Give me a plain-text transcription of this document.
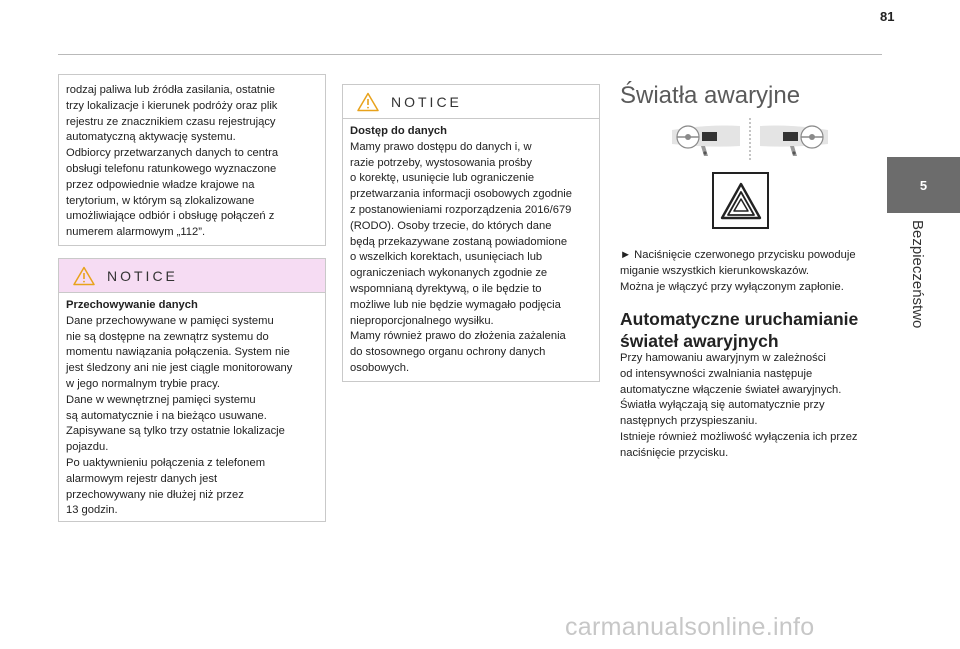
81
5
Bezpieczeństwo
rodzaj paliwa lub źródła zasilania, ostatnie
trzy lokalizacje i kierunek podróży oraz plik
rejestru ze znacznikiem czasu rejestrujący
automatyczną aktywację systemu.
Odbiorcy przetwarzanych danych to centra
obsługi telefonu ratunkowego wyznaczone
przez odpowiednie władze krajowe na
terytorium, w którym są zlokalizowane
umożliwiające odbiór i obsługę połączeń z
numerem alarmowym „112”.
NOTICE
Przechowywanie danych
Dane przechowywane w pamięci systemu
nie są dostępne na zewnątrz systemu do
momentu nawiązania połączenia. System nie
jest śledzony ani nie jest ciągle monitorowany
w jego normalnym trybie pracy.
Dane w wewnętrznej pamięci systemu
są automatycznie i na bieżąco usuwane.
Zapisywane są tylko trzy ostatnie lokalizacje
pojazdu.
Po uaktywnieniu połączenia z telefonem
alarmowym rejestr danych jest
przechowywany nie dłużej niż przez
13 godzin.
NOTICE
Dostęp do danych
Mamy prawo dostępu do danych i, w
razie potrzeby, wystosowania prośby
o korektę, usunięcie lub ograniczenie
przetwarzania informacji osobowych zgodnie
z postanowieniami rozporządzenia 2016/679
(RODO). Osoby trzecie, do których dane
będą przekazywane zostaną powiadomione
o wszelkich korektach, usunięciach lub
ograniczeniach wykonanych zgodnie ze
wspomnianą dyrektywą, o ile będzie to
możliwe lub nie będzie wymagało podjęcia
nieproporcjonalnego wysiłku.
Mamy również prawo do złożenia zażalenia
do stosownego organu ochrony danych
osobowych.
Światła awaryjne
► Naciśnięcie czerwonego przycisku powoduje
miganie wszystkich kierunkowskazów.
Można je włączyć przy wyłączonym zapłonie.
Automatyczne uruchamianie
świateł awaryjnych
Przy hamowaniu awaryjnym w zależności
od intensywności zwalniania następuje
automatyczne włączenie świateł awaryjnych.
Światła wyłączają się automatycznie przy
następnych przyspieszaniu.
Istnieje również możliwość wyłączenia ich przez
naciśnięcie przycisku.
carmanualsonline.info
